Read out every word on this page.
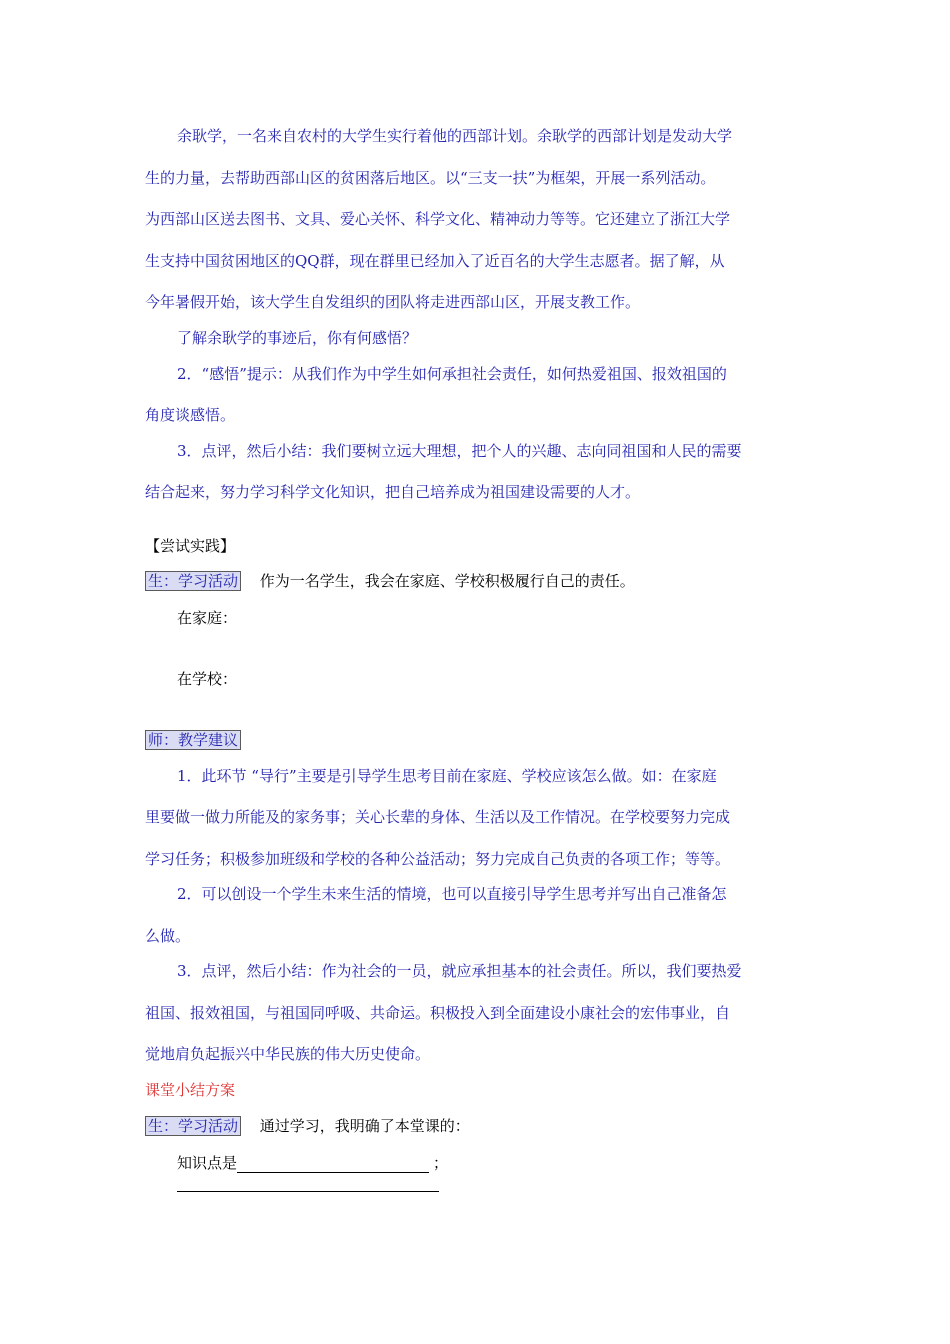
余耿学，一名来自农村的大学生实行着他的西部计划。余耿学的西部计划是发动大学
生的力量，去帮助西部山区的贫困落后地区。以“三支一扶”为框架，开展一系列活动。
为西部山区送去图书、文具、爱心关怀、科学文化、精神动力等等。它还建立了浙江大学
生支持中国贫困地区的QQ群，现在群里已经加入了近百名的大学生志愿者。据了解，从
今年暑假开始，该大学生自发组织的团队将走进西部山区，开展支教工作。
了解余耿学的事迹后，你有何感悟？
2．“感悟”提示：从我们作为中学生如何承担社会责任，如何热爱祖国、报效祖国的
角度谈感悟。
3．点评，然后小结：我们要树立远大理想，把个人的兴趣、志向同祖国和人民的需要
结合起来，努力学习科学文化知识，把自己培养成为祖国建设需要的人才。
【尝试实践】
生：学习活动 作为一名学生，我会在家庭、学校积极履行自己的责任。
在家庭：
在学校：
师：教学建议
1．此环节 “导行”主要是引导学生思考目前在家庭、学校应该怎么做。如：在家庭
里要做一做力所能及的家务事；关心长辈的身体、生活以及工作情况。在学校要努力完成
学习任务；积极参加班级和学校的各种公益活动；努力完成自己负责的各项工作；等等。
2．可以创设一个学生未来生活的情境，也可以直接引导学生思考并写出自己准备怎
么做。
3．点评，然后小结：作为社会的一员，就应承担基本的社会责任。所以，我们要热爱
祖国、报效祖国，与祖国同呼吸、共命运。积极投入到全面建设小康社会的宏伟事业，自
觉地肩负起振兴中华民族的伟大历史使命。
课堂小结方案
生：学习活动 通过学习，我明确了本堂课的：
知识点是	；
